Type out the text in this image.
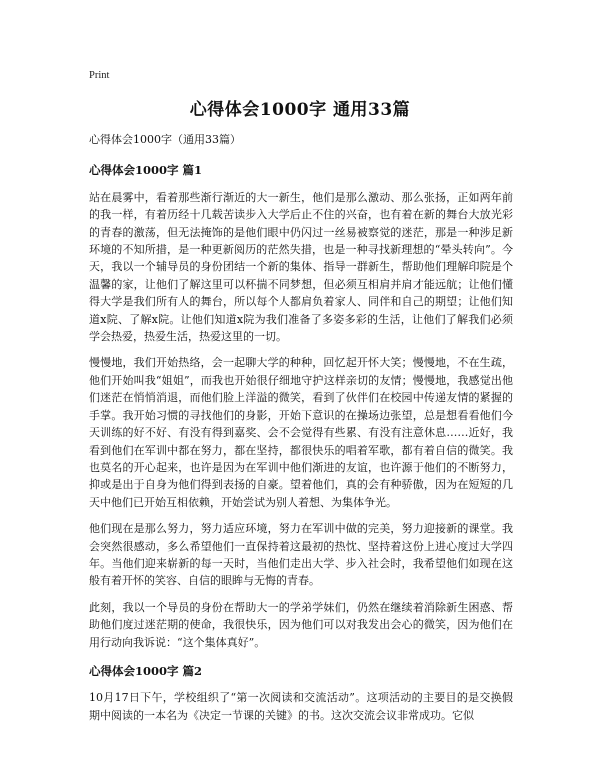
Print
心得体会1000字 通用33篇
心得体会1000字（通用33篇）
心得体会1000字 篇1

站在晨雾中，看着那些渐行渐近的大一新生，他们是那么激动、那么张扬，正如两年前的我一样，有着历经十几载苦读步入大学后止不住的兴奋，也有着在新的舞台大放光彩的青春的激荡，但无法掩饰的是他们眼中仍闪过一丝易被察觉的迷茫，那是一种涉足新环境的不知所措，是一种更新阅历的茫然失措，也是一种寻找新理想的“晕头转向”。今天，我以一个辅导员的身份团结一个新的集体、指导一群新生，帮助他们理解印院是个温馨的家，让他们了解这里可以杯揣不同梦想，但必须互相肩并肩才能远航；让他们懂得大学是我们所有人的舞台，所以每个人都肩负着家人、同伴和自己的期望；让他们知道x院、了解x院。让他们知道x院为我们准备了多姿多彩的生活，让他们了解我们必须学会热爱，热爱生活，热爱这里的一切。

慢慢地，我们开始热络，会一起聊大学的种种，回忆起开怀大笑；慢慢地，不在生疏，他们开始叫我“姐姐”，而我也开始很仔细地守护这样亲切的友情；慢慢地，我感觉出他们迷茫在悄悄消退，而他们脸上洋溢的微笑，看到了伙伴们在校园中传递友情的紧握的手掌。我开始习惯的寻找他们的身影，开始下意识的在操场边张望，总是想看看他们今天训练的好不好、有没有得到嘉奖、会不会觉得有些累、有没有注意休息……近好，我看到他们在军训中都在努力，都在坚持，都很快乐的唱着军歌，都有着自信的微笑。我也莫名的开心起来，也许是因为在军训中他们渐进的友谊，也许源于他们的不断努力，抑或是出于自身为他们得到表扬的自豪。望着他们，真的会有种骄傲，因为在短短的几天中他们已开始互相依赖，开始尝试为别人着想、为集体争光。

他们现在是那么努力，努力适应环境，努力在军训中做的完美，努力迎接新的课堂。我会突然很感动，多么希望他们一直保持着这最初的热忱、坚持着这份上进心度过大学四年。当他们迎来崭新的每一天时，当他们走出大学、步入社会时，我希望他们如现在这般有着开怀的笑容、自信的眼眸与无悔的青春。

此刻，我以一个导员的身份在帮助大一的学弟学妹们，仍然在继续着消除新生困惑、帮助他们度过迷茫期的使命，我很快乐，因为他们可以对我发出会心的微笑，因为他们在用行动向我诉说：“这个集体真好”。

心得体会1000字 篇2

10月17日下午，学校组织了“第一次阅读和交流活动”。这项活动的主要目的是交换假期中阅读的一本名为《决定一节课的关键》的书。这次交流会议非常成功。它似
